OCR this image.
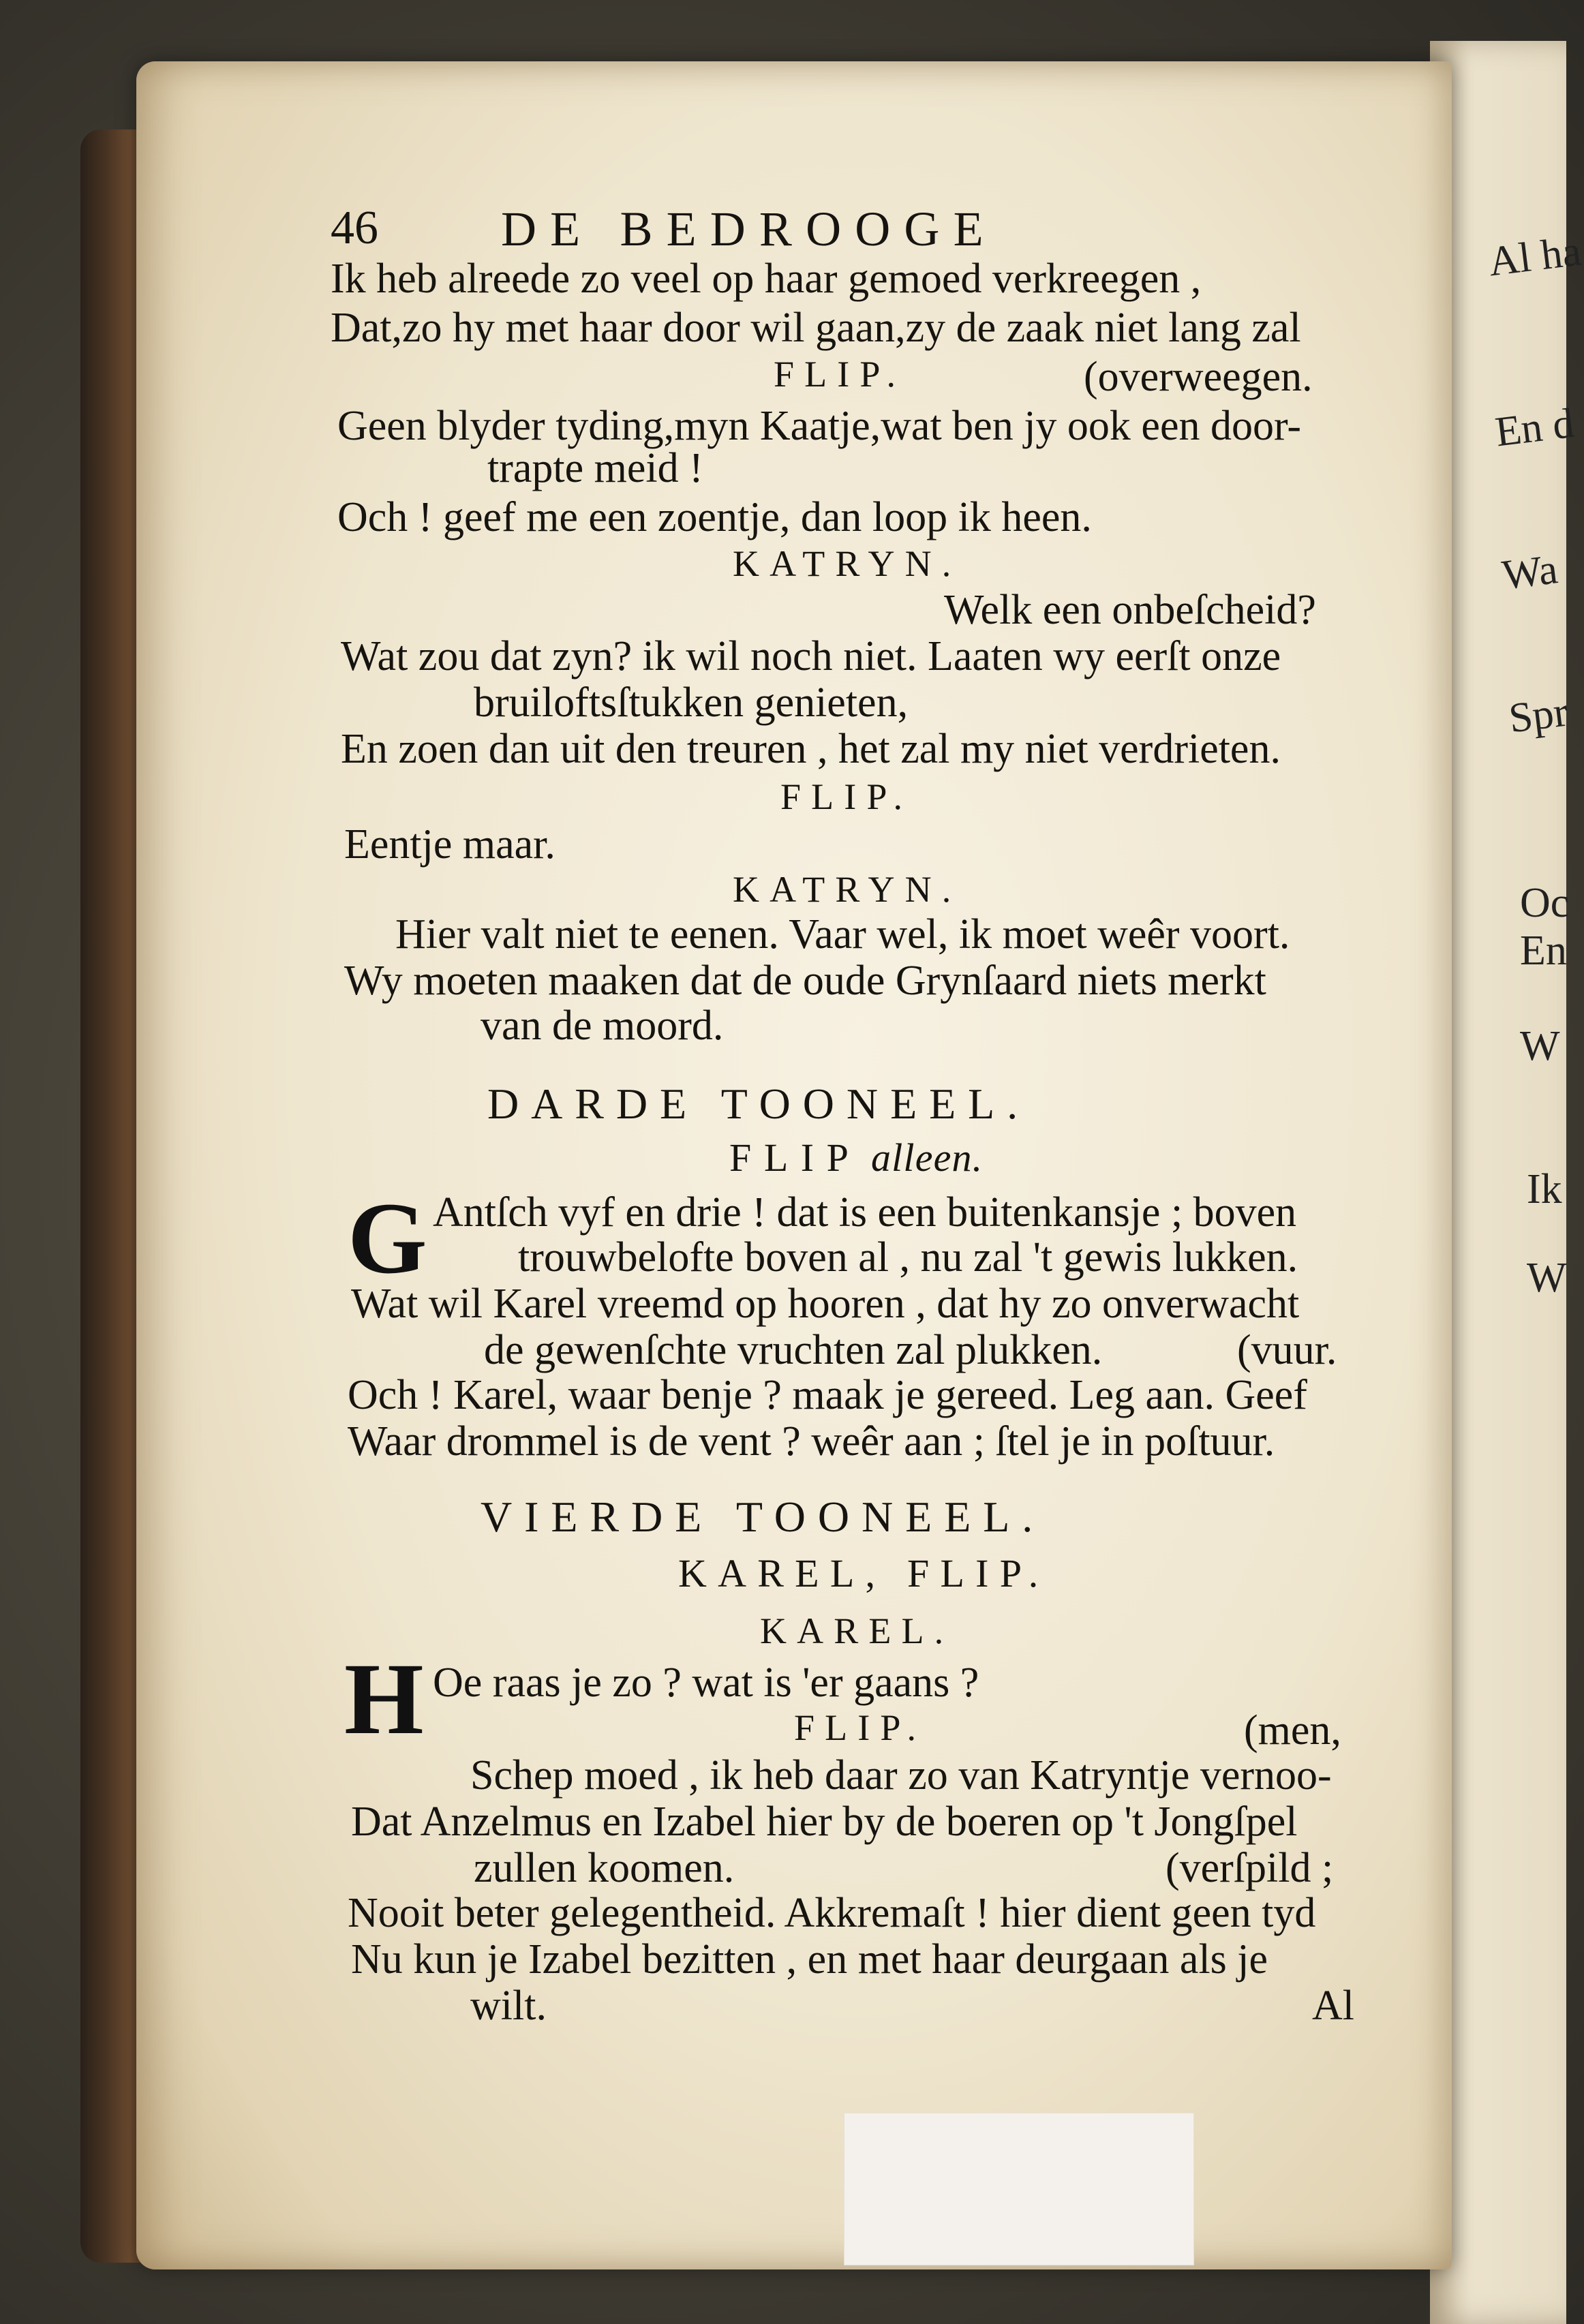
Al ha
En d
Wa
Spr
Oc
En
W
Ik
W
46	DE BEDROOGE
Ik heb alreede zo veel op haar gemoed verkreegen ,
Dat,zo hy met haar door wil gaan,zy de zaak niet lang zal
FLIP.	(overweegen.
Geen blyder tyding,myn Kaatje,wat ben jy ook een door-
trapte meid !
Och ! geef me een zoentje, dan loop ik heen.
KATRYN.
Welk een onbeſcheid?
Wat zou dat zyn? ik wil noch niet. Laaten wy eerſt onze
bruiloftsſtukken genieten,
En zoen dan uit den treuren , het zal my niet verdrieten.
FLIP.
Eentje maar.
KATRYN.
Hier valt niet te eenen. Vaar wel, ik moet weêr voort.
Wy moeten maaken dat de oude Grynſaard niets merkt
van de moord.
DARDE TOONEEL.
FLIP alleen.
G Antſch vyf en drie ! dat is een buitenkansje ; boven
trouwbelofte boven al , nu zal 't gewis lukken.
Wat wil Karel vreemd op hooren , dat hy zo onverwacht
de gewenſchte vruchten zal plukken.	(vuur.
Och ! Karel, waar benje ? maak je gereed. Leg aan. Geef
Waar drommel is de vent ? weêr aan ; ſtel je in poſtuur.
VIERDE TOONEEL.
KAREL, FLIP.
KAREL.
H Oe raas je zo ? wat is 'er gaans ?
FLIP.	(men,
Schep moed , ik heb daar zo van Katryntje vernoo-
Dat Anzelmus en Izabel hier by de boeren op 't Jongſpel
zullen koomen.	(verſpild ;
Nooit beter gelegentheid. Akkremaſt ! hier dient geen tyd
Nu kun je Izabel bezitten , en met haar deurgaan als je
wilt.	Al
